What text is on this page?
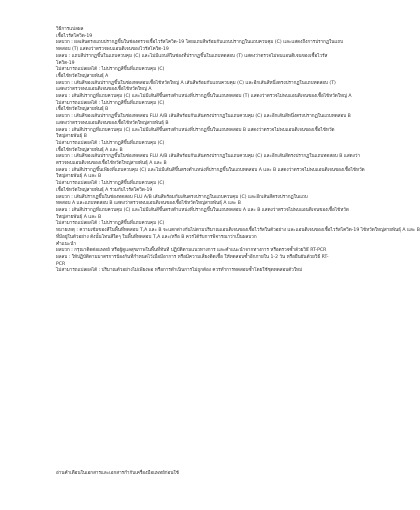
วิธีการแปลผล
เชื้อไวรัสโควิด-19
ผลบวก : ผลเส้นตรงแถบปรากฏขึ้นในช่องตรวจเชื้อไวรัสโควิด-19 โดยแถบสีพร้อมกับแถบปรากฏในแถบควบคุม (C) และแสดงถึงการปรากฏในแถบ
ทดสอบ (T) แสดงว่าตรวจพบแอนติเจนของไวรัสโควิด-19
ผลลบ : แถบสีปรากฏขึ้นในแถบควบคุม (C) และไม่มีแถบสีในช่องที่ปรากฏขึ้นในแถบทดสอบ (T) แสดงว่าตรวจไม่พบแอนติเจนของเชื้อไวรัส
โควิด-19
ไม่สามารถแปลผลได้ : ไม่ปรากฏสีขึ้นที่แถบควบคุม (C)
เชื้อไข้หวัดใหญ่สายพันธุ์ A
ผลบวก : เส้นสีของเส้นปรากฏขึ้นในช่องทดสอบเชื้อไข้หวัดใหญ่ A เส้นสีพร้อมกับแถบควบคุม (C) และอีกเส้นสีหนึ่งตรงปรากฏในแถบทดสอบ (T)
แสดงว่าตรวจพบแอนติเจนของเชื้อไข้หวัดใหญ่ A
ผลลบ : เส้นสีปรากฏที่แถบควบคุม (C) และไม่มีเส้นสีขึ้นตรงตำแหน่งที่ปรากฏขึ้นในแถบทดสอบ (T) แสดงว่าตรวจไม่พบแอนติเจนของเชื้อไข้หวัดใหญ่ A
ไม่สามารถแปลผลได้ : ไม่ปรากฏสีขึ้นที่แถบควบคุม (C)
เชื้อไข้หวัดใหญ่สายพันธุ์ B
ผลบวก : เส้นสีของเส้นปรากฏขึ้นในช่องทดสอบ FLU A/B เส้นสีพร้อมกับเส้นตรงปรากฏในแถบควบคุม (C) และอีกเส้นสีหนึ่งตรงปรากฏในแถบทดสอบ B
แสดงว่าตรวจพบแอนติเจนของเชื้อไข้หวัดใหญ่สายพันธุ์ B
ผลลบ : เส้นสีปรากฏที่แถบควบคุม (C) และไม่มีเส้นสีขึ้นตรงตำแหน่งที่ปรากฏขึ้นในแถบทดสอบ B แสดงว่าตรวจไม่พบแอนติเจนของเชื้อไข้หวัด
ใหญ่สายพันธุ์ B
ไม่สามารถแปลผลได้ : ไม่ปรากฏสีขึ้นที่แถบควบคุม (C)
เชื้อไข้หวัดใหญ่สายพันธุ์ A และ B
ผลบวก : เส้นสีของเส้นปรากฏขึ้นในช่องทดสอบ FLU A/B เส้นสีพร้อมกับเส้นตรงปรากฏในแถบควบคุม (C) และอีกเส้นสีตรงปรากฏในแถบทดสอบ B แสดงว่า
ตรวจพบแอนติเจนของเชื้อไข้หวัดใหญ่สายพันธุ์ A และ B
ผลลบ : เส้นสีปรากฏขึ้นเพียงที่แถบควบคุม (C) และไม่มีเส้นสีขึ้นตรงตำแหน่งที่ปรากฏขึ้นในแถบทดสอบ A และ B แสดงว่าตรวจไม่พบแอนติเจนของเชื้อไข้หวัด
ใหญ่สายพันธุ์ A และ B
ไม่สามารถแปลผลได้ : ไม่ปรากฏสีขึ้นที่แถบควบคุม (C)
เชื้อไข้หวัดใหญ่สายพันธุ์ A ร่วมกับไวรัสโควิด-19
ผลบวก : เส้นสีปรากฏขึ้นในช่องทดสอบ FLU A/B เส้นสีพร้อมกับเส้นตรงปรากฏในแถบควบคุม (C) และอีกเส้นสีตรงปรากฏในแถบ
ทดสอบ A และแถบทดสอบ B แสดงว่าตรวจพบแอนติเจนของเชื้อไข้หวัดใหญ่สายพันธุ์ A และ B
ผลลบ : เส้นสีปรากฏที่แถบควบคุม (C) และไม่มีเส้นสีขึ้นตรงตำแหน่งที่ปรากฏขึ้นในแถบทดสอบ A และ B แสดงว่าตรวจไม่พบแอนติเจนของเชื้อไข้หวัด
ใหญ่สายพันธุ์ A และ B
ไม่สามารถแปลผลได้ : ไม่ปรากฏสีขึ้นที่แถบควบคุม (C)
หมายเหตุ : ความเข้มของสีในพื้นที่ทดสอบ T,A และ B จะแตกต่างกันไปตามปริมาณแอนติเจนของเชื้อไวรัสในตัวอย่าง และแอนติเจนของเชื้อไวรัสโควิด-19 ไข้หวัดใหญ่สายพันธุ์ A และ B
ที่มีอยู่ในตัวอย่าง ดังนั้นโทนสีใดๆ ในพื้นที่ทดสอบ T,A และ/หรือ B ควรได้รับการพิจารณาว่าเป็นผลบวก
คำแนะนำ
ผลบวก : กรุณาติดต่อแพทย์ หรือผู้ดูแลสุขภาพในพื้นที่ทันที ปฏิบัติตามแนวทางการ และคำแนะนำจากทางการ หรือตรวจซ้ำด้วยวิธี RT-PCR
ผลลบ : ให้ปฏิบัติตามมาตรการป้องกันที่กำหนดไว้เมื่อมีอาการ หรือมีความเสี่ยงติดเชื้อ ให้ทดสอบซ้ำอีกภายใน 1-2 วัน หรือยืนยันด้วยวิธี RT-
PCR
ไม่สามารถแปลผลได้ : ปริมาณตัวอย่างไม่เพียงพอ หรือการดำเนินการไม่ถูกต้อง ควรทำการทดสอบซ้ำโดยใช้ชุดทดสอบตัวใหม่
อ่านคำเตือนในเอกสารและเอกสารกำกับเครื่องมือแพทย์ก่อนใช้
